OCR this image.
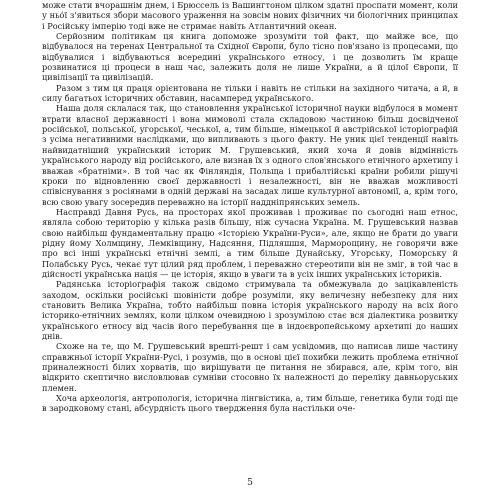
може стати вчорашнім днем, і Брюссель із Вашингтоном цілком здатні проспати момент, коли у ньо́ї з'явиться збори масового ураження на зовсім нових фізичних чи біологічних принципах і Російську імперію тоді вже не стримає навіть Атлантичний океан.

Серйозним політикам ця книга допоможе зрозуміти той факт, що майже все, що відбувалося на теренах Центральної та Східної Європи, було тісно пов'язано із процесами, що відбувалися і відбуваються всередині українського етносу, і це дозволить їм краще розвинатися ці процеси в наш час, залежить доля не лише України, а й цілої Європи, її цивілізації та цивілізацій.

Разом з тим ця праця орієнтована не тільки і навіть не стільки на західного читача, а й, в силу багатьох історичних обставин, насамперед українського.

Наша доля склалася так, що становлення української історичної науки відбулося в момент втрати власної державності і вона мимоволі стала складовою частиною більш досвідченої російської, польської, угорської, чеської, а, тим більше, німецької й австрійської історіографій з усіма негативними наслідками, що випливають з цього факту. Не уник цієї тенденції навіть найвидатніший український історик М. Грушевський, який хоча й довів відмінність українського народу від російського, але визнав їх з одного слов'янського етнічного архетипу і вважав «братніми». В той час як Фінляндія, Польща і прибалтійські країни робили рішучі кроки по відновленню своєї державності і незалежності, він не вважав можливості співіснування з росіянами в одній державі на засадах лише культурної автономії, а, крім того, всю свою увагу зосередив переважно на історії наддніпрянських земель.

Насправді Давня Русь, на просторах якої проживав і проживає по сьогодні наш етнос, являла собою територію у кілька разів більшу, ніж сучасна Україна. М. Грушевський назвав свою найбільш фундаментальну працю «Історією України-Руси», але, якщо не брати до уваги рідну йому Холмщину, Лемківщину, Надсяння, Підляшшя, Марморощину, не говорячи вже про всі інші українські етнічні землі, а тим більше Дунайську, Угорську, Поморську й Полабську Русь, чекає тут цілий ряд проблем, і переважно стереотипи він не зміг, в той час в дійсності українська нація — це історія, якщо в уваги та в усіх інших українських істориків.

Радянська історіографія також свідомо стримувала та обмежувала до зацікавленість заходом, оскільки російські шовіністи добре розуміли, яку величезну небезпеку для них становить Велика Україна, тобто найбільш повна історія українського народу на всіх його історико-етнічних землях, коли цілком очевидною і зрозумілою стає вся діалектика розвитку українського етносу від часів його перебування ще в індоєвропейському архетипі до наших днів.

Схоже на те, що М. Грушевський врешті-решт і сам усвідомив, що написав лише частину справжньої історії України-Русі, і розумів, що в основі цієї похибки лежить проблема етнічної приналежності білих хорватів, що вирішувати це питання не збирався, але, крім того, він відкрито скептично висловлював сумніви стосовно їх належності до переліку давньоруських племен.

Хоча археологія, антропологія, історична лінгвістика, а, тим більше, генетика були тоді ще в зародковому стані, абсурдність цього твердження була настільки оче-

5
